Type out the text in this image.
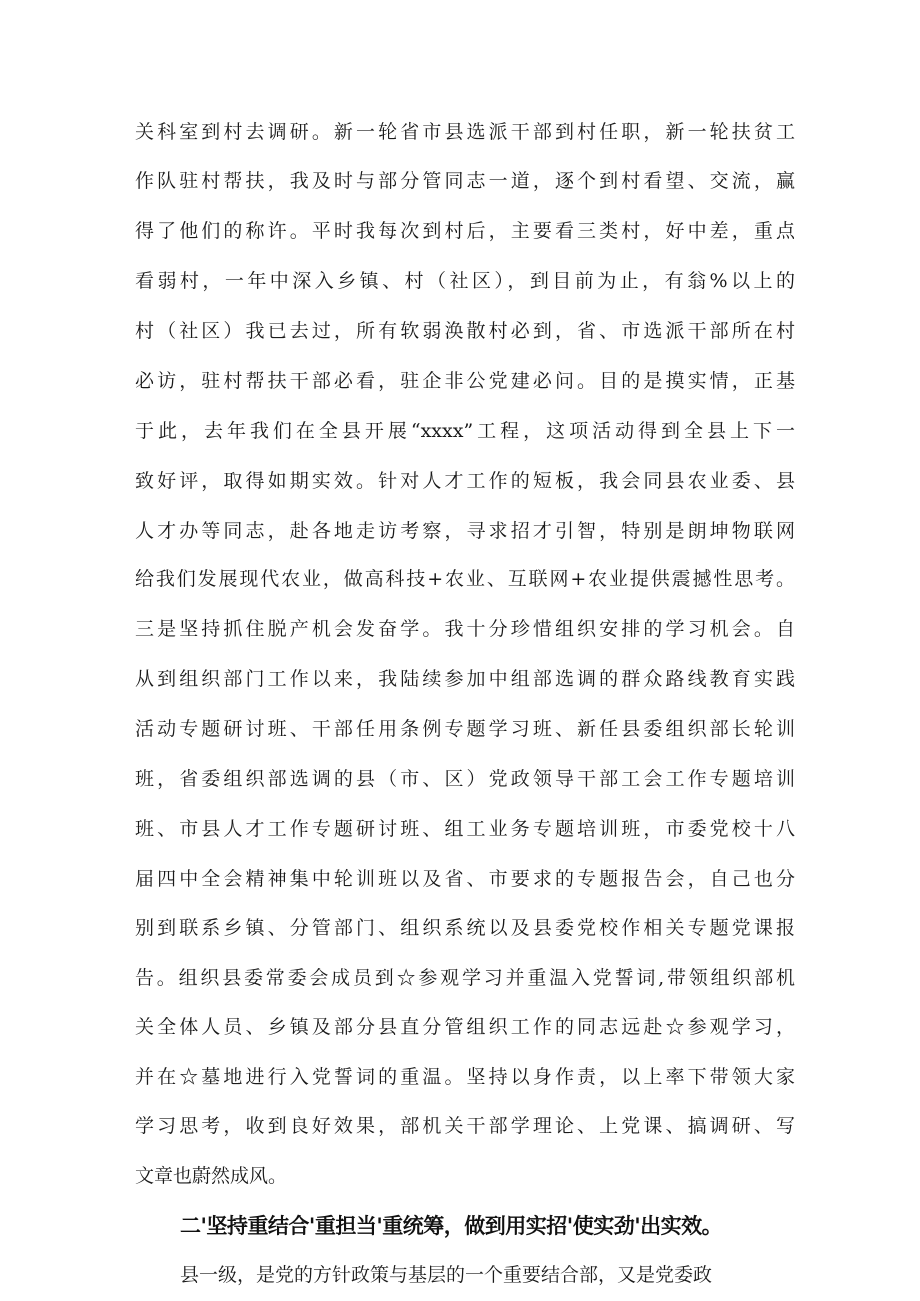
关科室到村去调研。新一轮省市县选派干部到村任职，新一轮扶贫工
作队驻村帮扶，我及时与部分管同志一道，逐个到村看望、交流，赢
得了他们的称许。平时我每次到村后，主要看三类村，好中差，重点
看弱村，一年中深入乡镇、村（社区），到目前为止，有翁%以上的
村（社区）我已去过，所有软弱涣散村必到，省、市选派干部所在村
必访，驻村帮扶干部必看，驻企非公党建必问。目的是摸实情，正基
于此，去年我们在全县开展“xxxx”工程，这项活动得到全县上下一
致好评，取得如期实效。针对人才工作的短板，我会同县农业委、县
人才办等同志，赴各地走访考察，寻求招才引智，特别是朗坤物联网
给我们发展现代农业，做高科技+农业、互联网+农业提供震撼性思考。
三是坚持抓住脱产机会发奋学。我十分珍惜组织安排的学习机会。自
从到组织部门工作以来，我陆续参加中组部选调的群众路线教育实践
活动专题研讨班、干部任用条例专题学习班、新任县委组织部长轮训
班，省委组织部选调的县（市、区）党政领导干部工会工作专题培训
班、市县人才工作专题研讨班、组工业务专题培训班，市委党校十八
届四中全会精神集中轮训班以及省、市要求的专题报告会，自己也分
别到联系乡镇、分管部门、组织系统以及县委党校作相关专题党课报
告。组织县委常委会成员到☆参观学习并重温入党誓词,带领组织部机
关全体人员、乡镇及部分县直分管组织工作的同志远赴☆参观学习，
并在☆墓地进行入党誓词的重温。坚持以身作责，以上率下带领大家
学习思考，收到良好效果，部机关干部学理论、上党课、搞调研、写
文章也蔚然成风。
二'坚持重结合'重担当'重统筹，做到用实招'使实劲'出实效。
县一级，是党的方针政策与基层的一个重要结合部，又是党委政
